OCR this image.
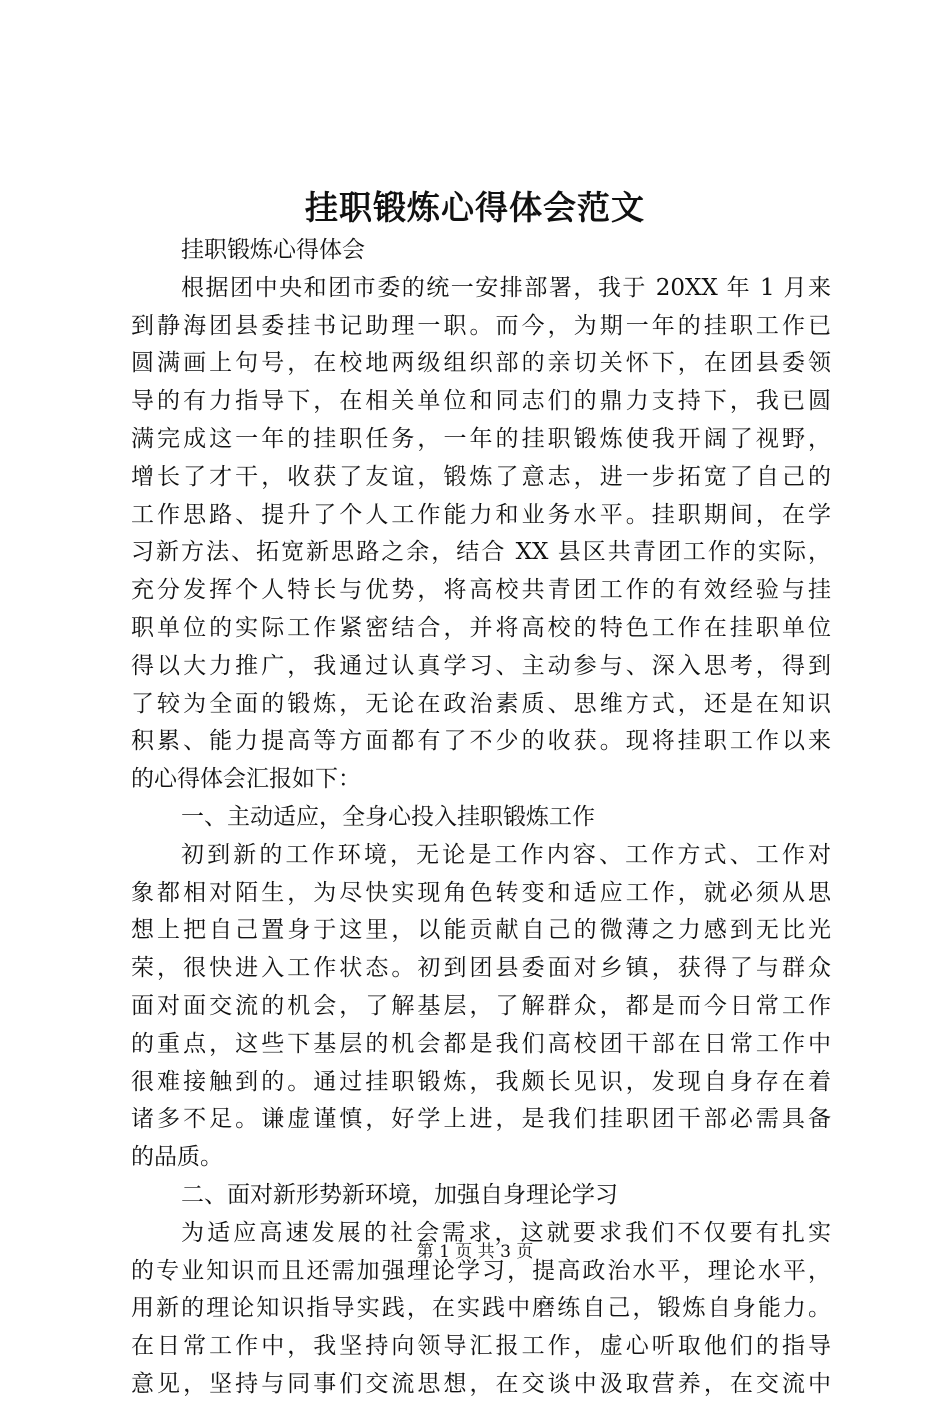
挂职锻炼心得体会范文
挂职锻炼心得体会
根据团中央和团市委的统一安排部署，我于 20XX 年 1 月来
到静海团县委挂书记助理一职。而今，为期一年的挂职工作已
圆满画上句号，在校地两级组织部的亲切关怀下，在团县委领
导的有力指导下，在相关单位和同志们的鼎力支持下，我已圆
满完成这一年的挂职任务，一年的挂职锻炼使我开阔了视野，
增长了才干，收获了友谊，锻炼了意志，进一步拓宽了自己的
工作思路、提升了个人工作能力和业务水平。挂职期间，在学
习新方法、拓宽新思路之余，结合 XX 县区共青团工作的实际，
充分发挥个人特长与优势，将高校共青团工作的有效经验与挂
职单位的实际工作紧密结合，并将高校的特色工作在挂职单位
得以大力推广，我通过认真学习、主动参与、深入思考，得到
了较为全面的锻炼，无论在政治素质、思维方式，还是在知识
积累、能力提高等方面都有了不少的收获。现将挂职工作以来
的心得体会汇报如下：
一、主动适应，全身心投入挂职锻炼工作
初到新的工作环境，无论是工作内容、工作方式、工作对
象都相对陌生，为尽快实现角色转变和适应工作，就必须从思
想上把自己置身于这里，以能贡献自己的微薄之力感到无比光
荣，很快进入工作状态。初到团县委面对乡镇，获得了与群众
面对面交流的机会，了解基层，了解群众，都是而今日常工作
的重点，这些下基层的机会都是我们高校团干部在日常工作中
很难接触到的。通过挂职锻炼，我颇长见识，发现自身存在着
诸多不足。谦虚谨慎，好学上进，是我们挂职团干部必需具备
的品质。
二、面对新形势新环境，加强自身理论学习
为适应高速发展的社会需求，这就要求我们不仅要有扎实
的专业知识而且还需加强理论学习，提高政治水平，理论水平，
用新的理论知识指导实践，在实践中磨练自己，锻炼自身能力。
在日常工作中，我坚持向领导汇报工作，虚心听取他们的指导
意见，坚持与同事们交流思想，在交谈中汲取营养，在交流中
第 1 页 共 3 页
